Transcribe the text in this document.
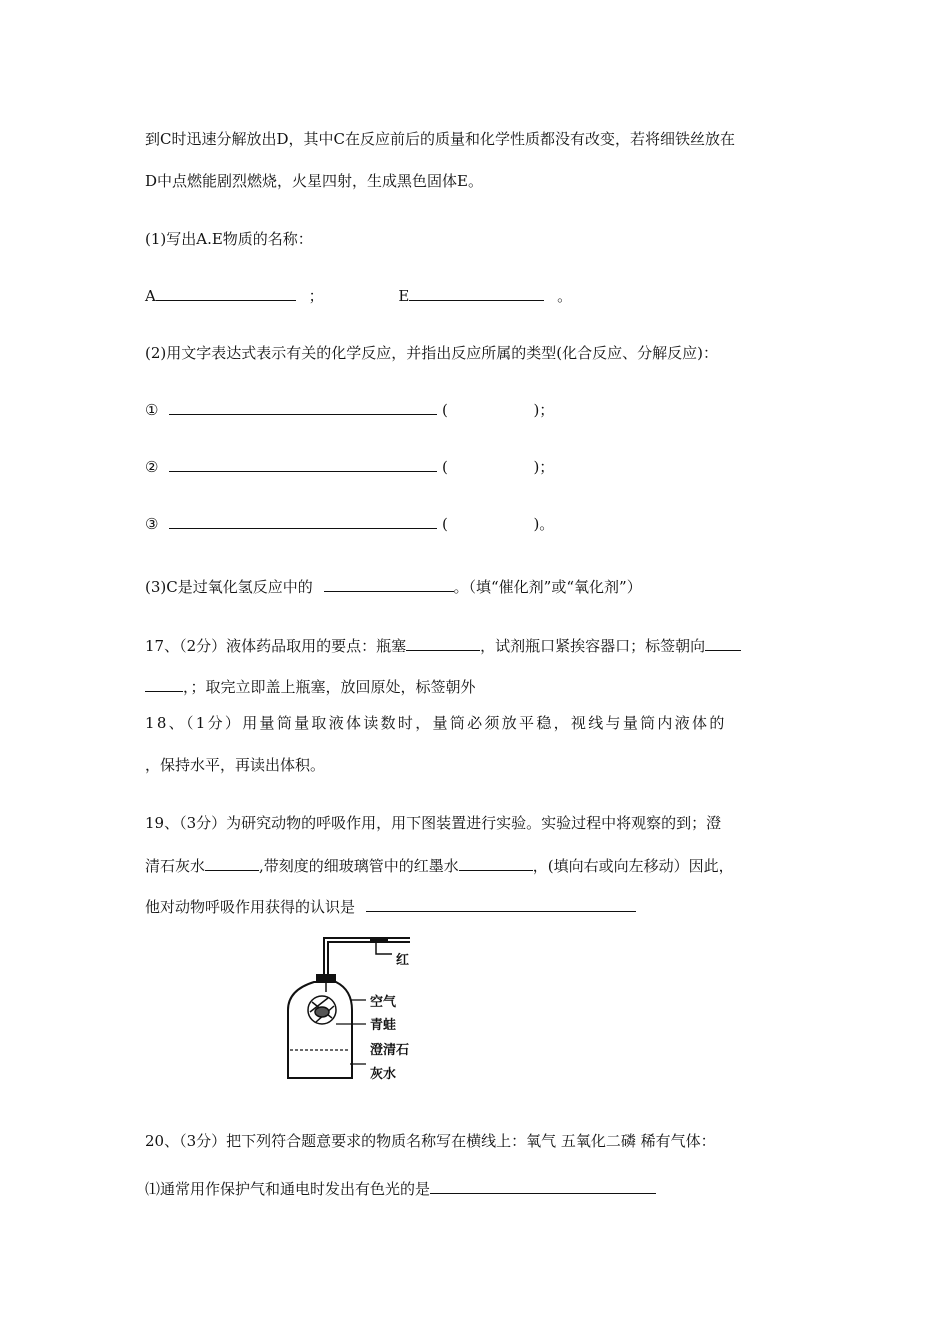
到C时迅速分解放出D，其中C在反应前后的质量和化学性质都没有改变，若将细铁丝放在
D中点燃能剧烈燃烧，火星四射，生成黑色固体E。
(1)写出A.E物质的名称：
A	；	E	。
(2)用文字表达式表示有关的化学反应，并指出反应所属的类型(化合反应、分解反应)：
①	(	)；
②	(	)；
③	(	)。
(3)C是过氧化氢反应中的	。（填“催化剂”或“氧化剂”）
17、（2分）液体药品取用的要点：瓶塞	，试剂瓶口紧挨容器口；标签朝向
，；取完立即盖上瓶塞，放回原处，标签朝外
18、（1分）用量筒量取液体读数时，量筒必须放平稳，视线与量筒内液体的
，保持水平，再读出体积。
19、（3分）为研究动物的呼吸作用，用下图装置进行实验。实验过程中将观察的到；澄
清石灰水	,带刻度的细玻璃管中的红墨水	，(填向右或向左移动）因此，
他对动物呼吸作用获得的认识是
红
空气
青蛙
澄清石
灰水
20、（3分）把下列符合题意要求的物质名称写在横线上：氧气 五氧化二磷 稀有气体：
⑴通常用作保护气和通电时发出有色光的是
